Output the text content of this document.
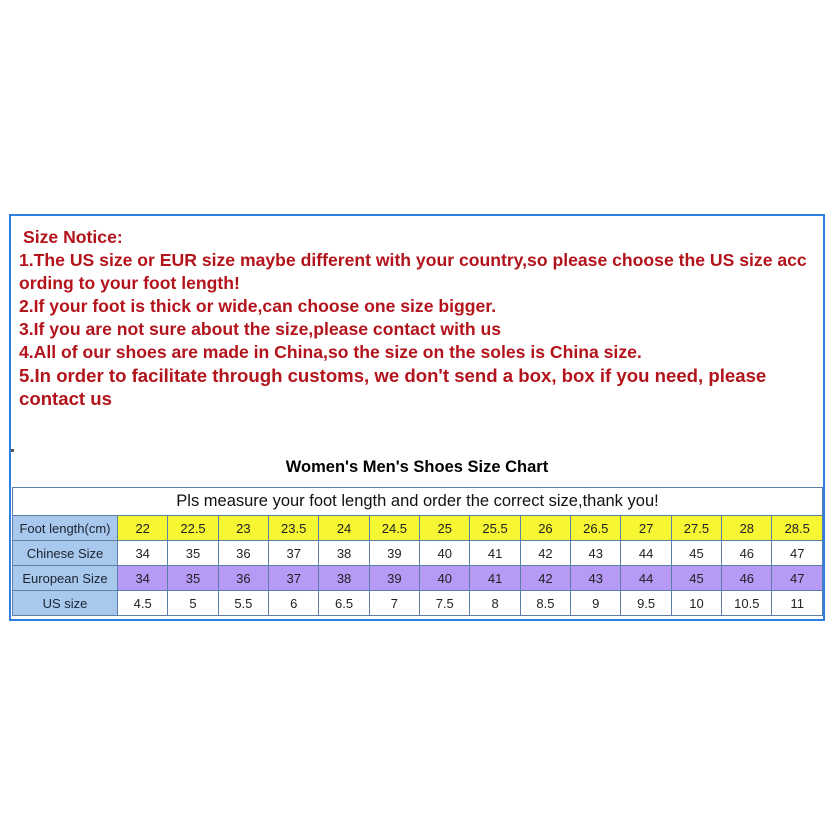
Size Notice:
1.The US size or EUR size maybe different with your country,so please choose the US size acc
ording to your foot length!
2.If your foot is thick or wide,can choose one size bigger.
3.If you are not sure about the size,please contact with us
4.All of our shoes are made in China,so the size on the soles is China size.
5.In order to facilitate through customs, we don't send a box, box if you need, please
contact us
Women's Men's Shoes Size Chart
Pls measure your foot length and order the correct size,thank you!														
Foot length(cm)	22	22.5	23	23.5	24	24.5	25	25.5	26	26.5	27	27.5	28	28.5
Chinese Size	34	35	36	37	38	39	40	41	42	43	44	45	46	47
European Size	34	35	36	37	38	39	40	41	42	43	44	45	46	47
US size	4.5	5	5.5	6	6.5	7	7.5	8	8.5	9	9.5	10	10.5	11
